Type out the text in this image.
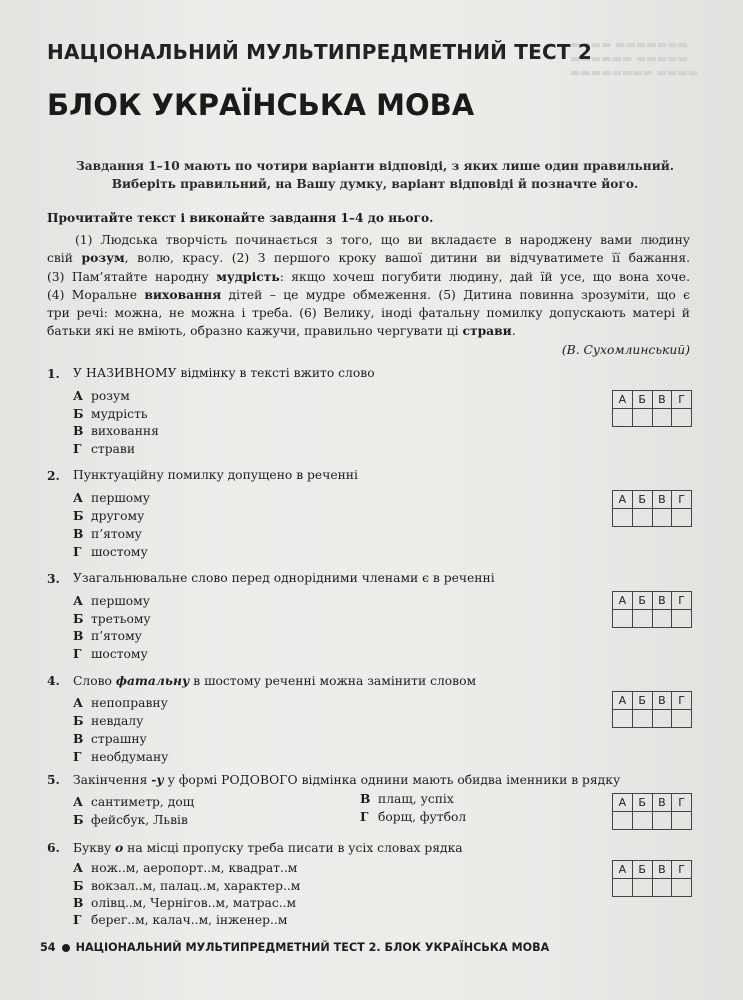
▬▬▬▬ ▬▬▬▬▬▬▬
▬▬▬▬▬▬ ▬▬▬▬▬
▬▬▬▬▬▬▬▬ ▬▬▬▬
НАЦІОНАЛЬНИЙ МУЛЬТИПРЕДМЕТНИЙ ТЕСТ 2
БЛОК УКРАЇНСЬКА МОВА
Завдання 1–10 мають по чотири варіанти відповіді, з яких лише один правильний.
Виберіть правильний, на Вашу думку, варіант відповіді й позначте його.
Прочитайте текст і виконайте завдання 1–4 до нього.
(1) Людська творчість починається з того, що ви вкладаєте в народжену вами людину
свій розум, волю, красу. (2) З першого кроку вашої дитини ви відчуватимете її бажання.
(3) Пам’ятайте народну мудрість: якщо хочеш погубити людину, дай їй усе, що вона хоче.
(4) Моральне виховання дітей – це мудре обмеження. (5) Дитина повинна зрозуміти, що є
три речі: можна, не можна і треба. (6) Велику, іноді фатальну помилку допускають матері й
батьки які не вміють, образно кажучи, правильно чергувати ці страви.
(В. Сухомлинський)
1. У НАЗИВНОМУ відмінку в тексті вжито слово
А розум
Б мудрість
В виховання
Г страви
А	Б	В	Г

2. Пунктуаційну помилку допущено в реченні
А першому
Б другому
В п’ятому
Г шостому
А	Б	В	Г

3. Узагальнювальне слово перед однорідними членами є в реченні
А першому
Б третьому
В п’ятому
Г шостому
А	Б	В	Г

4. Слово фатальну в шостому реченні можна замінити словом
А непоправну
Б невдалу
В страшну
Г необдуману
А	Б	В	Г

5. Закінчення -у у формі РОДОВОГО відмінка однини мають обидва іменники в рядку
А сантиметр, дощ
Б фейсбук, Львів
В плащ, успіх
Г борщ, футбол
А	Б	В	Г

6. Букву о на місці пропуску треба писати в усіх словах рядка
А нож..м, аеропорт..м, квадрат..м
Б вокзал..м, палац..м, характер..м
В олівц..м, Чернігов..м, матрас..м
Г берег..м, калач..м, інженер..м
А	Б	В	Г

54 НАЦІОНАЛЬНИЙ МУЛЬТИПРЕДМЕТНИЙ ТЕСТ 2. БЛОК УКРАЇНСЬКА МОВА
